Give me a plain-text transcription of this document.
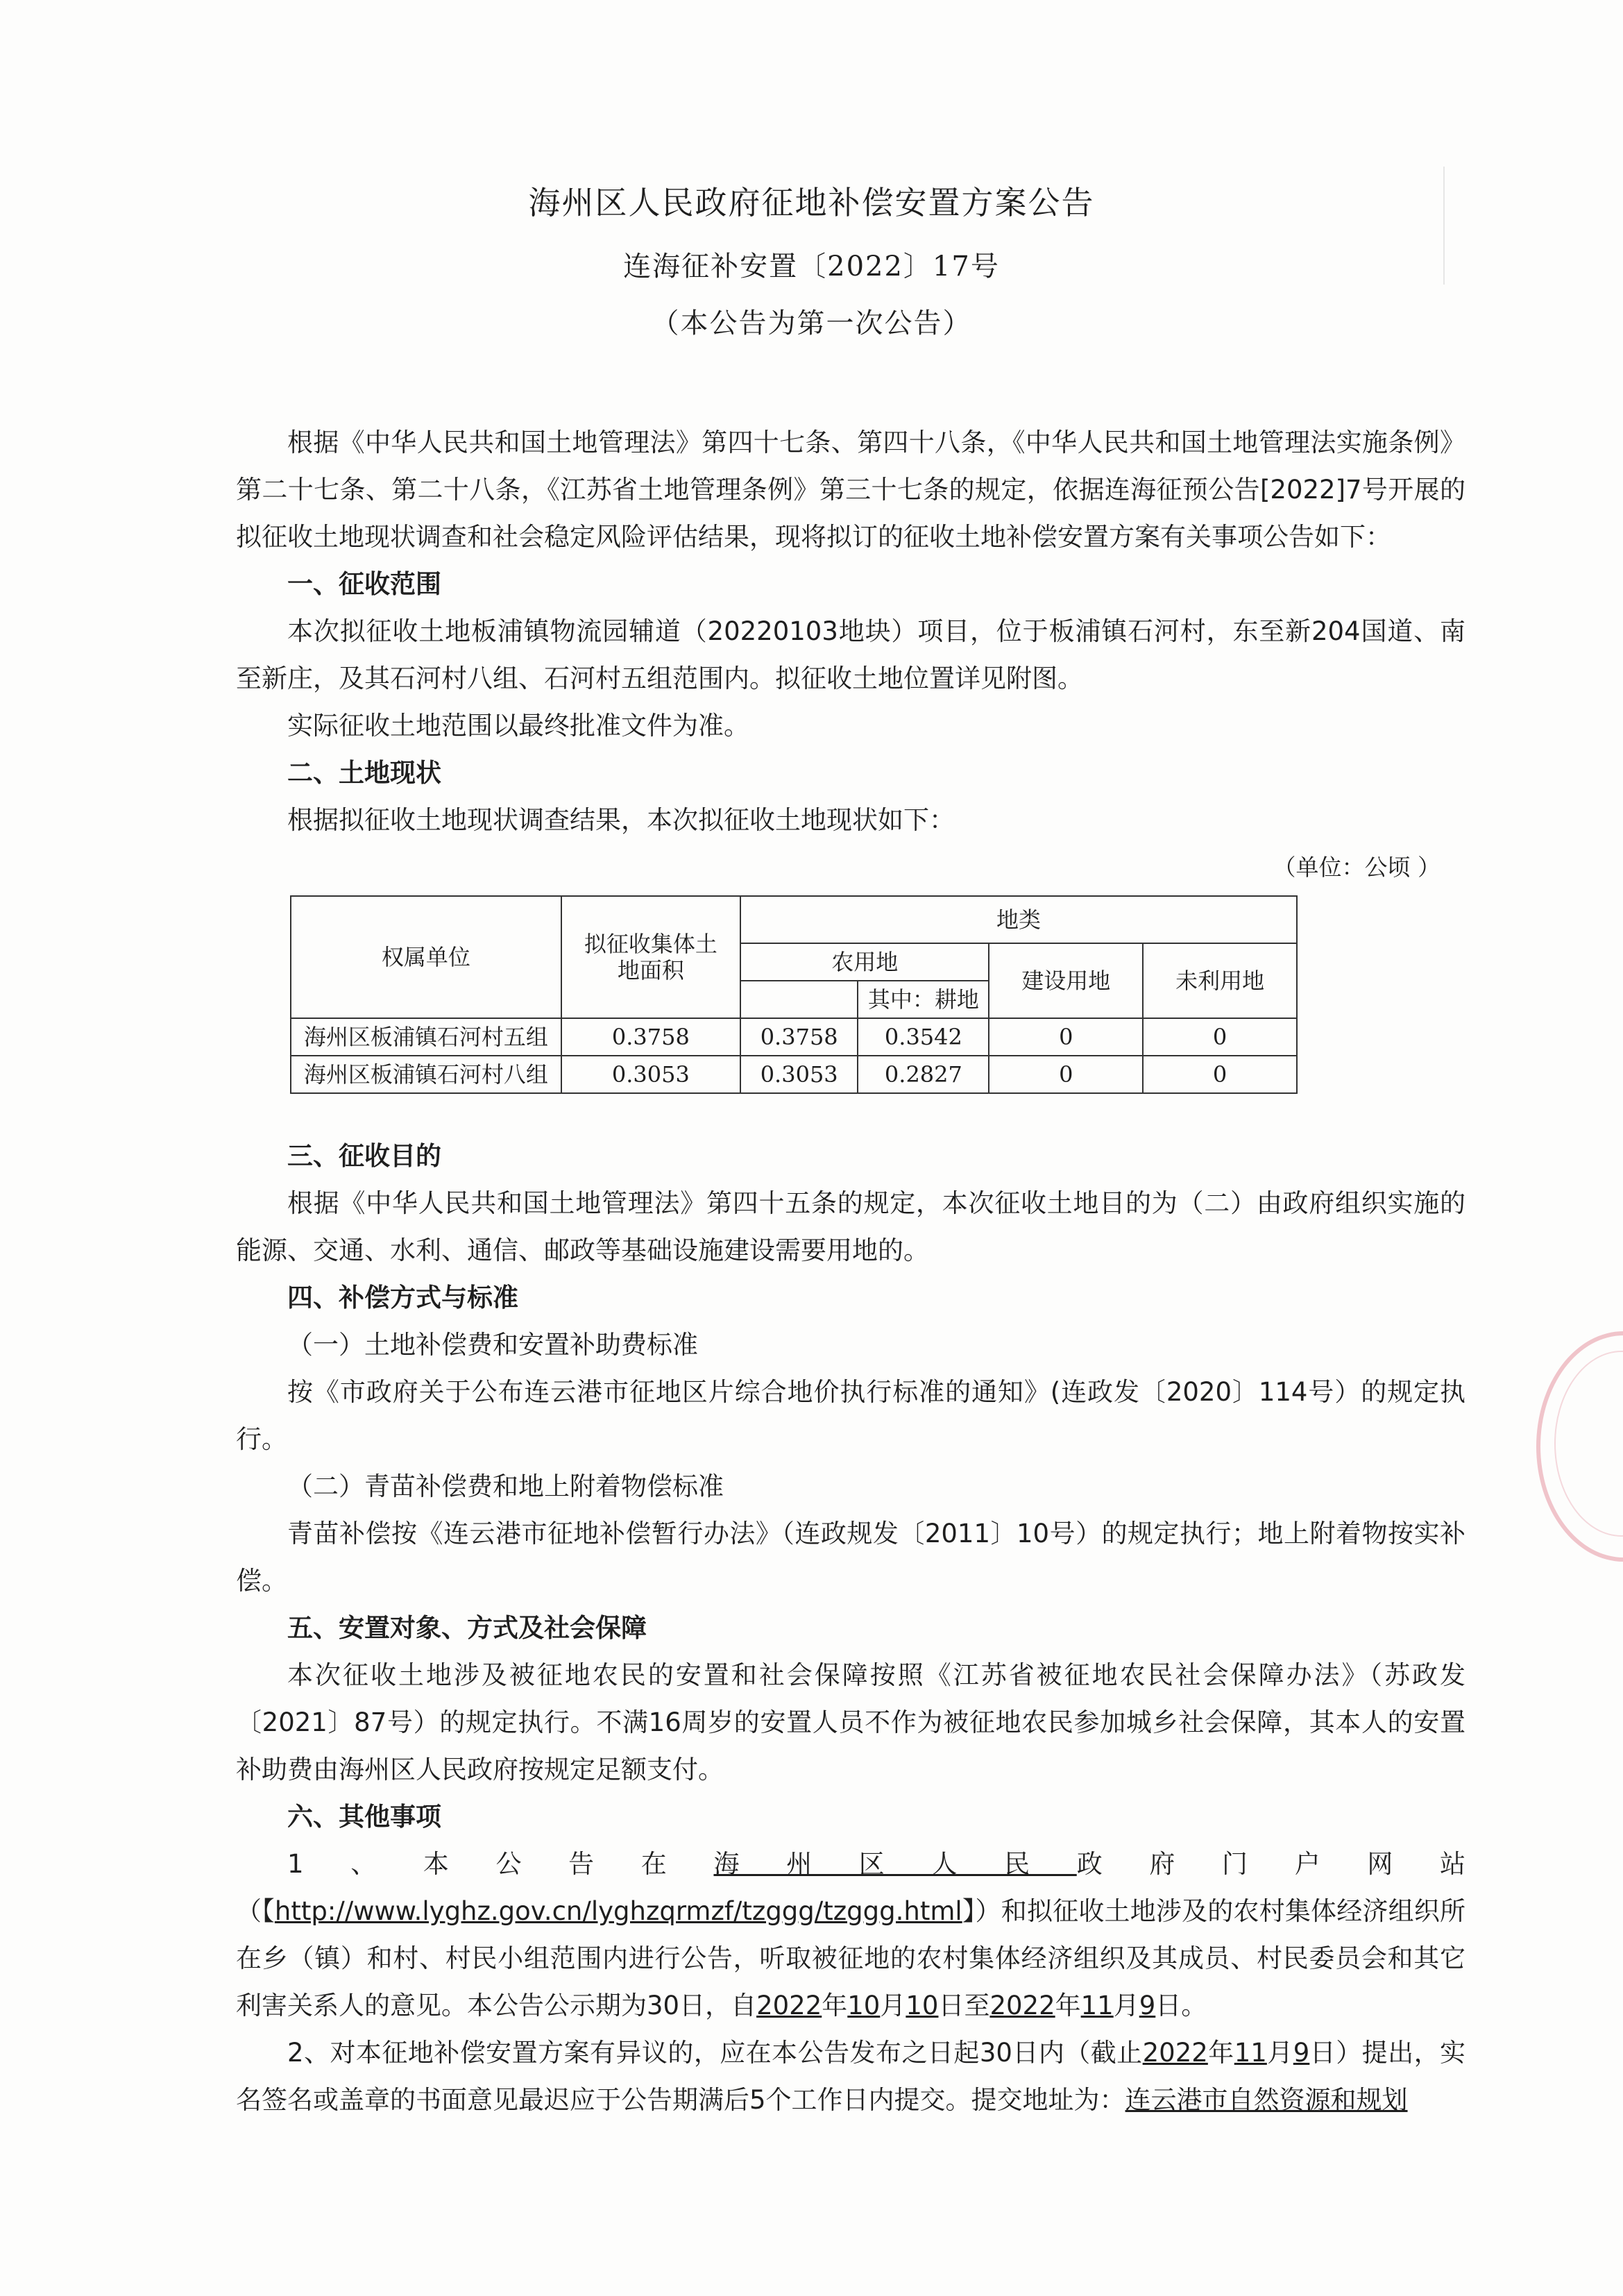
海州区人民政府征地补偿安置方案公告
连海征补安置〔2022〕17号
（本公告为第一次公告）

根据《中华人民共和国土地管理法》第四十七条、第四十八条，《中华人民共和国土地管理法实施条例》第二十七条、第二十八条，《江苏省土地管理条例》第三十七条的规定，依据连海征预公告[2022]7号开展的拟征收土地现状调查和社会稳定风险评估结果，现将拟订的征收土地补偿安置方案有关事项公告如下：

一、征收范围

本次拟征收土地板浦镇物流园辅道（20220103地块）项目，位于板浦镇石河村，东至新204国道、南至新庄，及其石河村八组、石河村五组范围内。拟征收土地位置详见附图。

实际征收土地范围以最终批准文件为准。

二、土地现状

根据拟征收土地现状调查结果，本次拟征收土地现状如下：

（单位：公顷 ）
权属单位	拟征收集体土地面积	地类			
		农用地		建设用地	未利用地
			其中：耕地		
海州区板浦镇石河村五组	0.3758	0.3758	0.3542	0	0
海州区板浦镇石河村八组	0.3053	0.3053	0.2827	0	0

三、征收目的

根据《中华人民共和国土地管理法》第四十五条的规定，本次征收土地目的为（二）由政府组织实施的能源、交通、水利、通信、邮政等基础设施建设需要用地的。

四、补偿方式与标准

（一）土地补偿费和安置补助费标准

按《市政府关于公布连云港市征地区片综合地价执行标准的通知》(连政发〔2020〕114号）的规定执行。

（二）青苗补偿费和地上附着物偿标准

青苗补偿按《连云港市征地补偿暂行办法》（连政规发〔2011〕10号）的规定执行；地上附着物按实补偿。

五、安置对象、方式及社会保障

本次征收土地涉及被征地农民的安置和社会保障按照《江苏省被征地农民社会保障办法》（苏政发〔2021〕87号）的规定执行。不满16周岁的安置人员不作为被征地农民参加城乡社会保障，其本人的安置补助费由海州区人民政府按规定足额支付。

六、其他事项

1、本公告在海州区人民政府门户网站（【http://www.lyghz.gov.cn/lyghzqrmzf/tzggg/tzggg.html】）和拟征收土地涉及的农村集体经济组织所在乡（镇）和村、村民小组范围内进行公告，听取被征地的农村集体经济组织及其成员、村民委员会和其它利害关系人的意见。本公告公示期为30日，自2022年10月10日至2022年11月9日。

2、对本征地补偿安置方案有异议的，应在本公告发布之日起30日内（截止2022年11月9日）提出，实名签名或盖章的书面意见最迟应于公告期满后5个工作日内提交。提交地址为：连云港市自然资源和规划
